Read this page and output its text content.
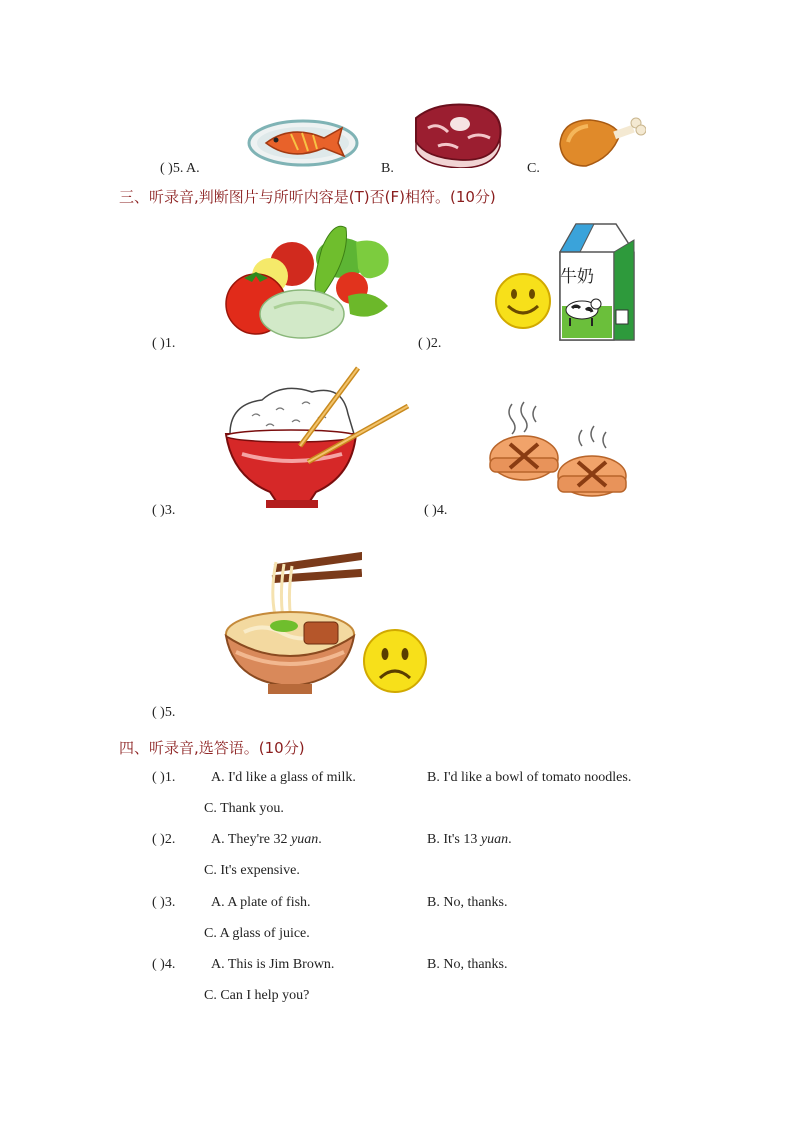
( )5. A.	B.	C.
三、听录音,判断图片与所听内容是(T)否(F)相符。(10分)
( )1.
牛奶
( )2.
( )3.	( )4.
( )5.
四、听录音,选答语。(10分)
( )1.	A. I'd like a glass of milk.	B. I'd like a bowl of tomato noodles.
C. Thank you.
( )2.	A. They're 32 yuan.	B. It's 13 yuan.
C. It's expensive.
( )3.	A. A plate of fish.	B. No, thanks.
C. A glass of juice.
( )4.	A. This is Jim Brown.	B. No, thanks.
C. Can I help you?
